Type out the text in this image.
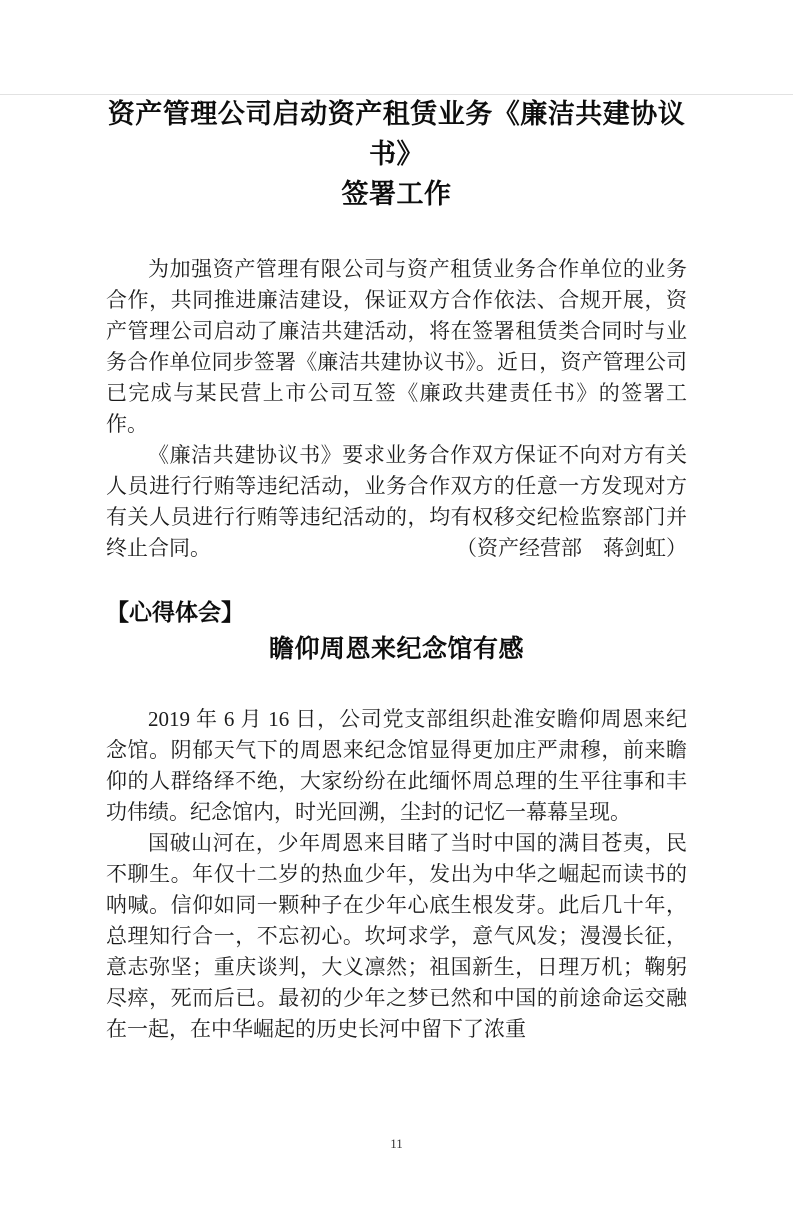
资产管理公司启动资产租赁业务《廉洁共建协议书》
签署工作

为加强资产管理有限公司与资产租赁业务合作单位的业务合作，共同推进廉洁建设，保证双方合作依法、合规开展，资产管理公司启动了廉洁共建活动，将在签署租赁类合同时与业务合作单位同步签署《廉洁共建协议书》。近日，资产管理公司已完成与某民营上市公司互签《廉政共建责任书》的签署工作。

《廉洁共建协议书》要求业务合作双方保证不向对方有关人员进行行贿等违纪活动，业务合作双方的任意一方发现对方有关人员进行行贿等违纪活动的，均有权移交纪检监察部门并终止合同。	（资产经营部　蒋剑虹）

【心得体会】
瞻仰周恩来纪念馆有感

2019 年 6 月 16 日，公司党支部组织赴淮安瞻仰周恩来纪念馆。阴郁天气下的周恩来纪念馆显得更加庄严肃穆，前来瞻仰的人群络绎不绝，大家纷纷在此缅怀周总理的生平往事和丰功伟绩。纪念馆内，时光回溯，尘封的记忆一幕幕呈现。

国破山河在，少年周恩来目睹了当时中国的满目苍夷，民不聊生。年仅十二岁的热血少年，发出为中华之崛起而读书的呐喊。信仰如同一颗种子在少年心底生根发芽。此后几十年，总理知行合一，不忘初心。坎坷求学，意气风发；漫漫长征，意志弥坚；重庆谈判，大义凛然；祖国新生，日理万机；鞠躬尽瘁，死而后已。最初的少年之梦已然和中国的前途命运交融在一起，在中华崛起的历史长河中留下了浓重

11
